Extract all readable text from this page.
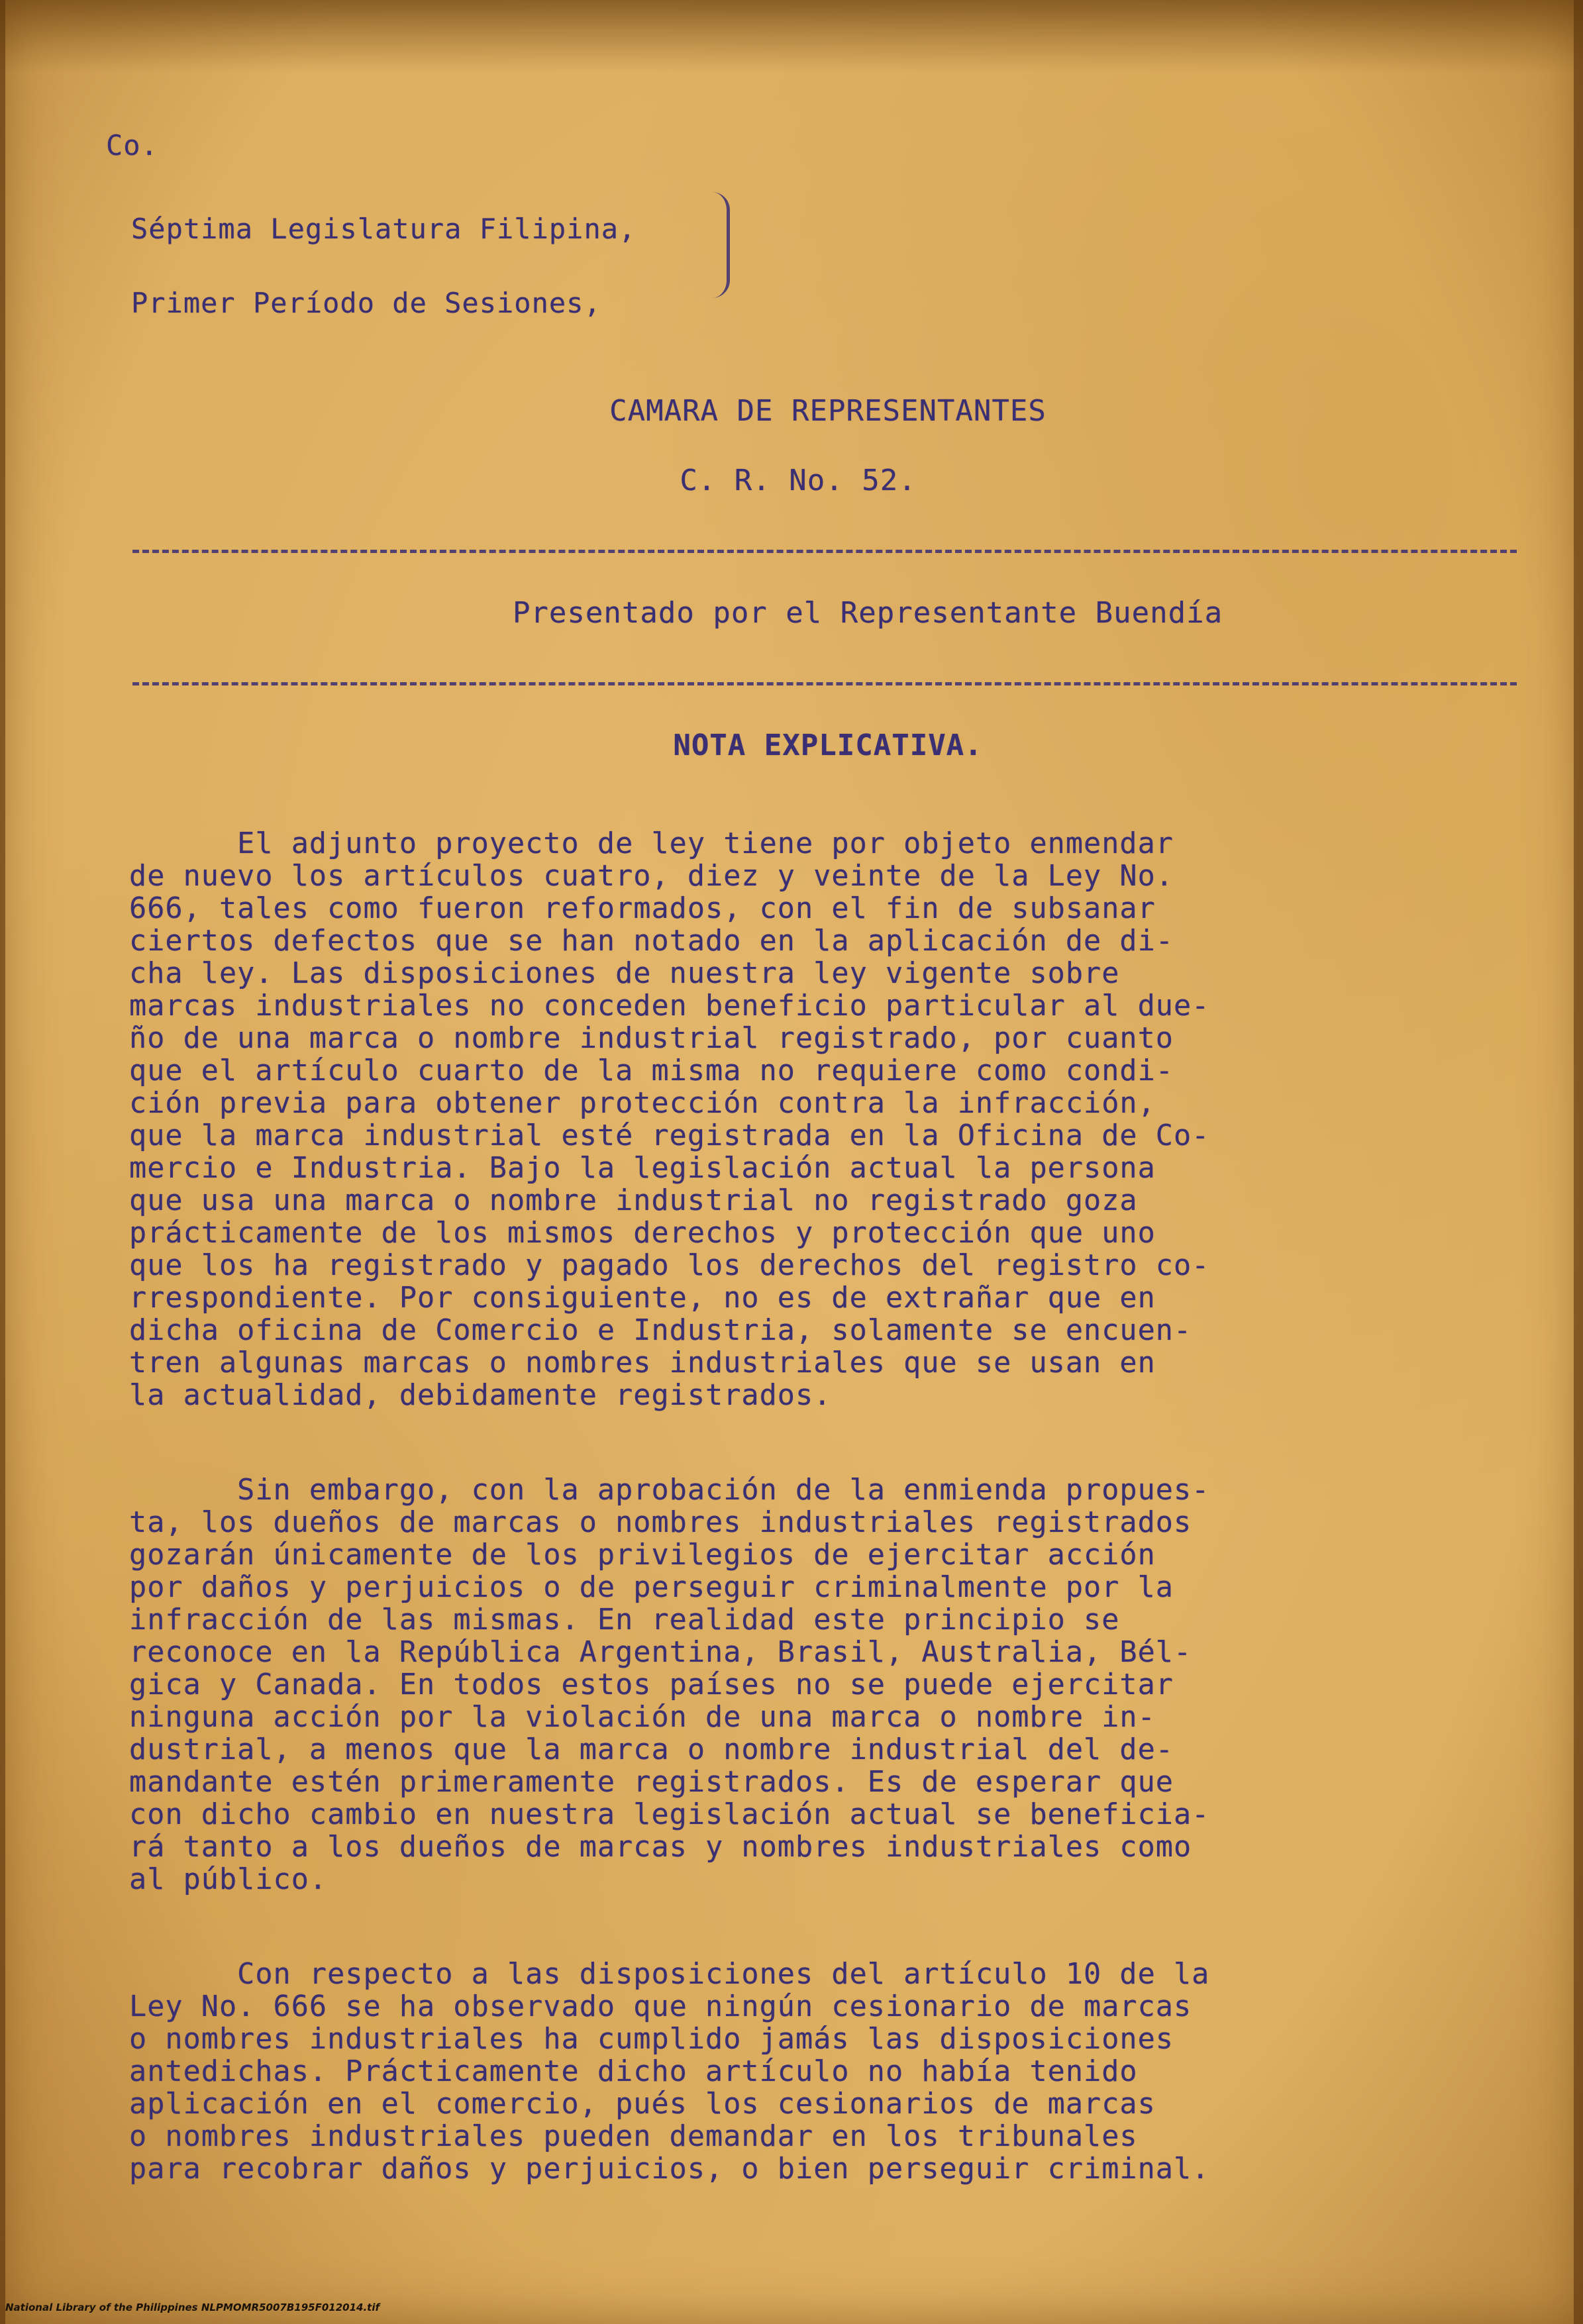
Co.
Séptima Legislatura Filipina,
Primer Período de Sesiones,
CAMARA DE REPRESENTANTES
C. R. No. 52.
Presentado por el Representante Buendía
NOTA EXPLICATIVA.
El adjunto proyecto de ley tiene por objeto enmendar
de nuevo los artículos cuatro, diez y veinte de la Ley No.
666, tales como fueron reformados, con el fin de subsanar
ciertos defectos que se han notado en la aplicación de di-
cha ley. Las disposiciones de nuestra ley vigente sobre
marcas industriales no conceden beneficio particular al due-
ño de una marca o nombre industrial registrado, por cuanto
que el artículo cuarto de la misma no requiere como condi-
ción previa para obtener protección contra la infracción,
que la marca industrial esté registrada en la Oficina de Co-
mercio e Industria. Bajo la legislación actual la persona
que usa una marca o nombre industrial no registrado goza
prácticamente de los mismos derechos y protección que uno
que los ha registrado y pagado los derechos del registro co-
rrespondiente. Por consiguiente, no es de extrañar que en
dicha oficina de Comercio e Industria, solamente se encuen-
tren algunas marcas o nombres industriales que se usan en
la actualidad, debidamente registrados.
Sin embargo, con la aprobación de la enmienda propues-
ta, los dueños de marcas o nombres industriales registrados
gozarán únicamente de los privilegios de ejercitar acción
por daños y perjuicios o de perseguir criminalmente por la
infracción de las mismas. En realidad este principio se
reconoce en la República Argentina, Brasil, Australia, Bél-
gica y Canada. En todos estos países no se puede ejercitar
ninguna acción por la violación de una marca o nombre in-
dustrial, a menos que la marca o nombre industrial del de-
mandante estén primeramente registrados. Es de esperar que
con dicho cambio en nuestra legislación actual se beneficia-
rá tanto a los dueños de marcas y nombres industriales como
al público.
Con respecto a las disposiciones del artículo 10 de la
Ley No. 666 se ha observado que ningún cesionario de marcas
o nombres industriales ha cumplido jamás las disposiciones
antedichas. Prácticamente dicho artículo no había tenido
aplicación en el comercio, pués los cesionarios de marcas
o nombres industriales pueden demandar en los tribunales
para recobrar daños y perjuicios, o bien perseguir criminal.
National Library of the Philippines NLPMOMR5007B195F012014.tif
